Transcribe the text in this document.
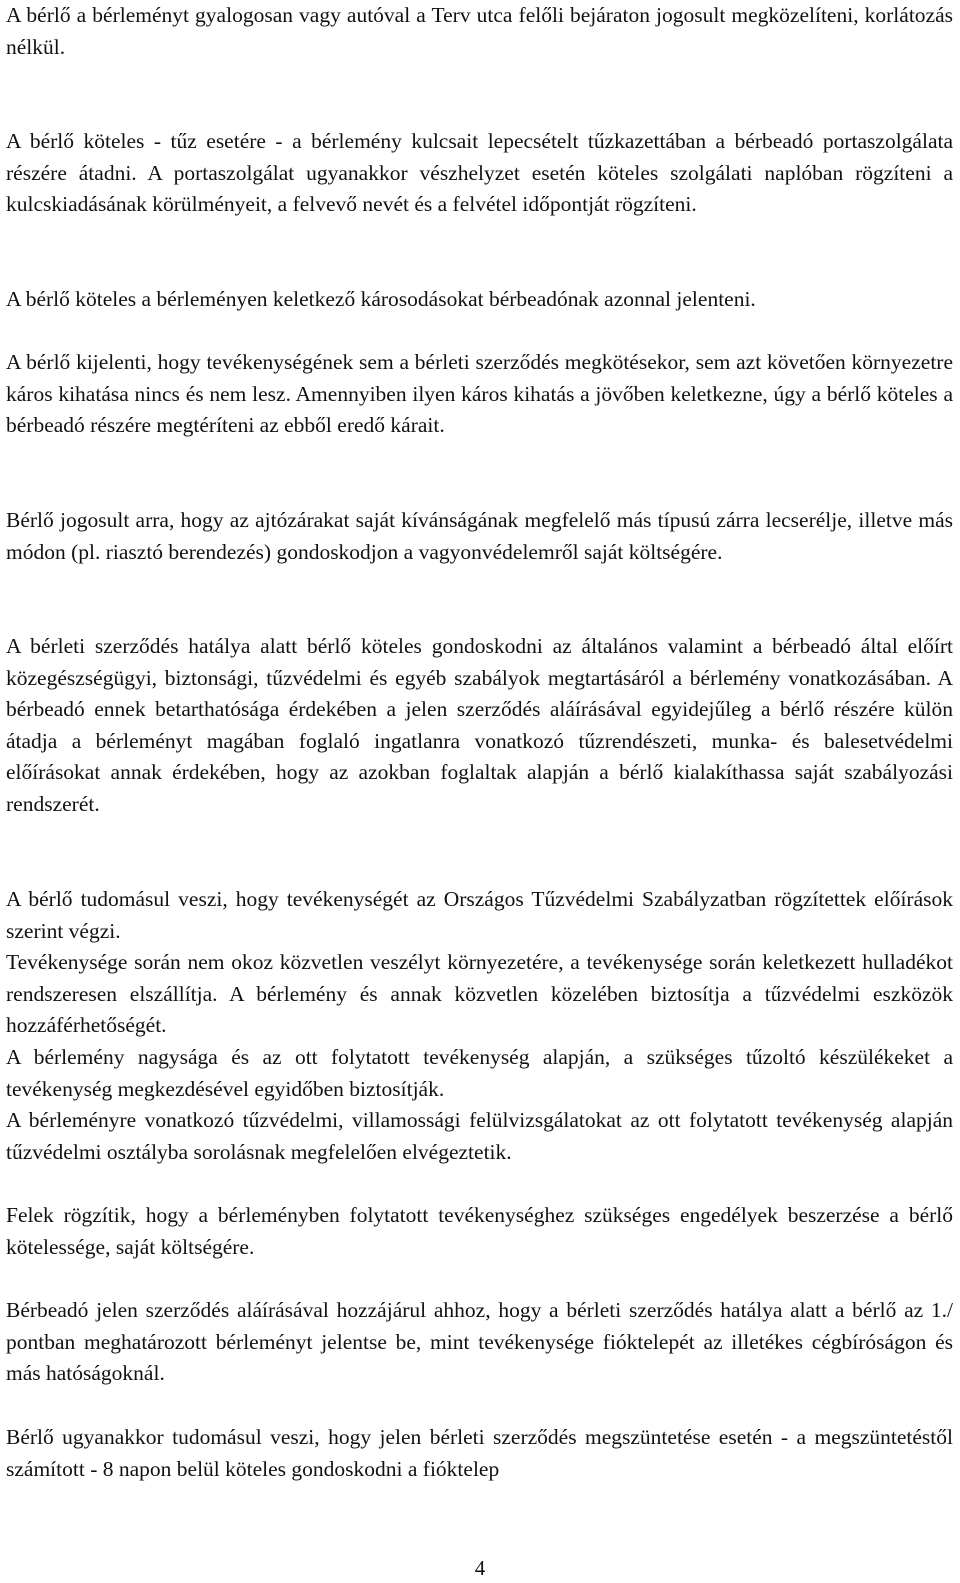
A bérlő a bérleményt gyalogosan vagy autóval a Terv utca felőli bejáraton jogosult megközelíteni, korlátozás nélkül.

A bérlő köteles - tűz esetére - a bérlemény kulcsait lepecsételt tűzkazettában a bérbeadó portaszolgálata részére átadni. A portaszolgálat ugyanakkor vészhelyzet esetén köteles szolgálati naplóban rögzíteni a kulcskiadásának körülményeit, a felvevő nevét és a felvétel időpontját rögzíteni.

A bérlő köteles a bérleményen keletkező károsodásokat bérbeadónak azonnal jelenteni.

A bérlő kijelenti, hogy tevékenységének sem a bérleti szerződés megkötésekor, sem azt követően környezetre káros kihatása nincs és nem lesz. Amennyiben ilyen káros kihatás a jövőben keletkezne, úgy a bérlő köteles a bérbeadó részére megtéríteni az ebből eredő kárait.

Bérlő jogosult arra, hogy az ajtózárakat saját kívánságának megfelelő más típusú zárra lecserélje, illetve más módon (pl. riasztó berendezés) gondoskodjon a vagyonvédelemről saját költségére.

A bérleti szerződés hatálya alatt bérlő köteles gondoskodni az általános valamint a bérbeadó által előírt közegészségügyi, biztonsági, tűzvédelmi és egyéb szabályok megtartásáról a bérlemény vonatkozásában. A bérbeadó ennek betarthatósága érdekében a jelen szerződés aláírásával egyidejűleg a bérlő részére külön átadja a bérleményt magában foglaló ingatlanra vonatkozó tűzrendészeti, munka- és balesetvédelmi előírásokat annak érdekében, hogy az azokban foglaltak alapján a bérlő kialakíthassa saját szabályozási rendszerét.

A bérlő tudomásul veszi, hogy tevékenységét az Országos Tűzvédelmi Szabályzatban rögzítettek előírások szerint végzi.

Tevékenysége során nem okoz közvetlen veszélyt környezetére, a tevékenysége során keletkezett hulladékot rendszeresen elszállítja. A bérlemény és annak közvetlen közelében biztosítja a tűzvédelmi eszközök hozzáférhetőségét.

A bérlemény nagysága és az ott folytatott tevékenység alapján, a szükséges tűzoltó készülékeket a tevékenység megkezdésével egyidőben biztosítják.

A bérleményre vonatkozó tűzvédelmi, villamossági felülvizsgálatokat az ott folytatott tevékenység alapján tűzvédelmi osztályba sorolásnak megfelelően elvégeztetik.

Felek rögzítik, hogy a bérleményben folytatott tevékenységhez szükséges engedélyek beszerzése a bérlő kötelessége, saját költségére.

Bérbeadó jelen szerződés aláírásával hozzájárul ahhoz, hogy a bérleti szerződés hatálya alatt a bérlő az 1./ pontban meghatározott bérleményt jelentse be, mint tevékenysége fióktelepét az illetékes cégbíróságon és más hatóságoknál.

Bérlő ugyanakkor tudomásul veszi, hogy jelen bérleti szerződés megszüntetése esetén - a megszüntetéstől számított - 8 napon belül köteles gondoskodni a fióktelep

4
